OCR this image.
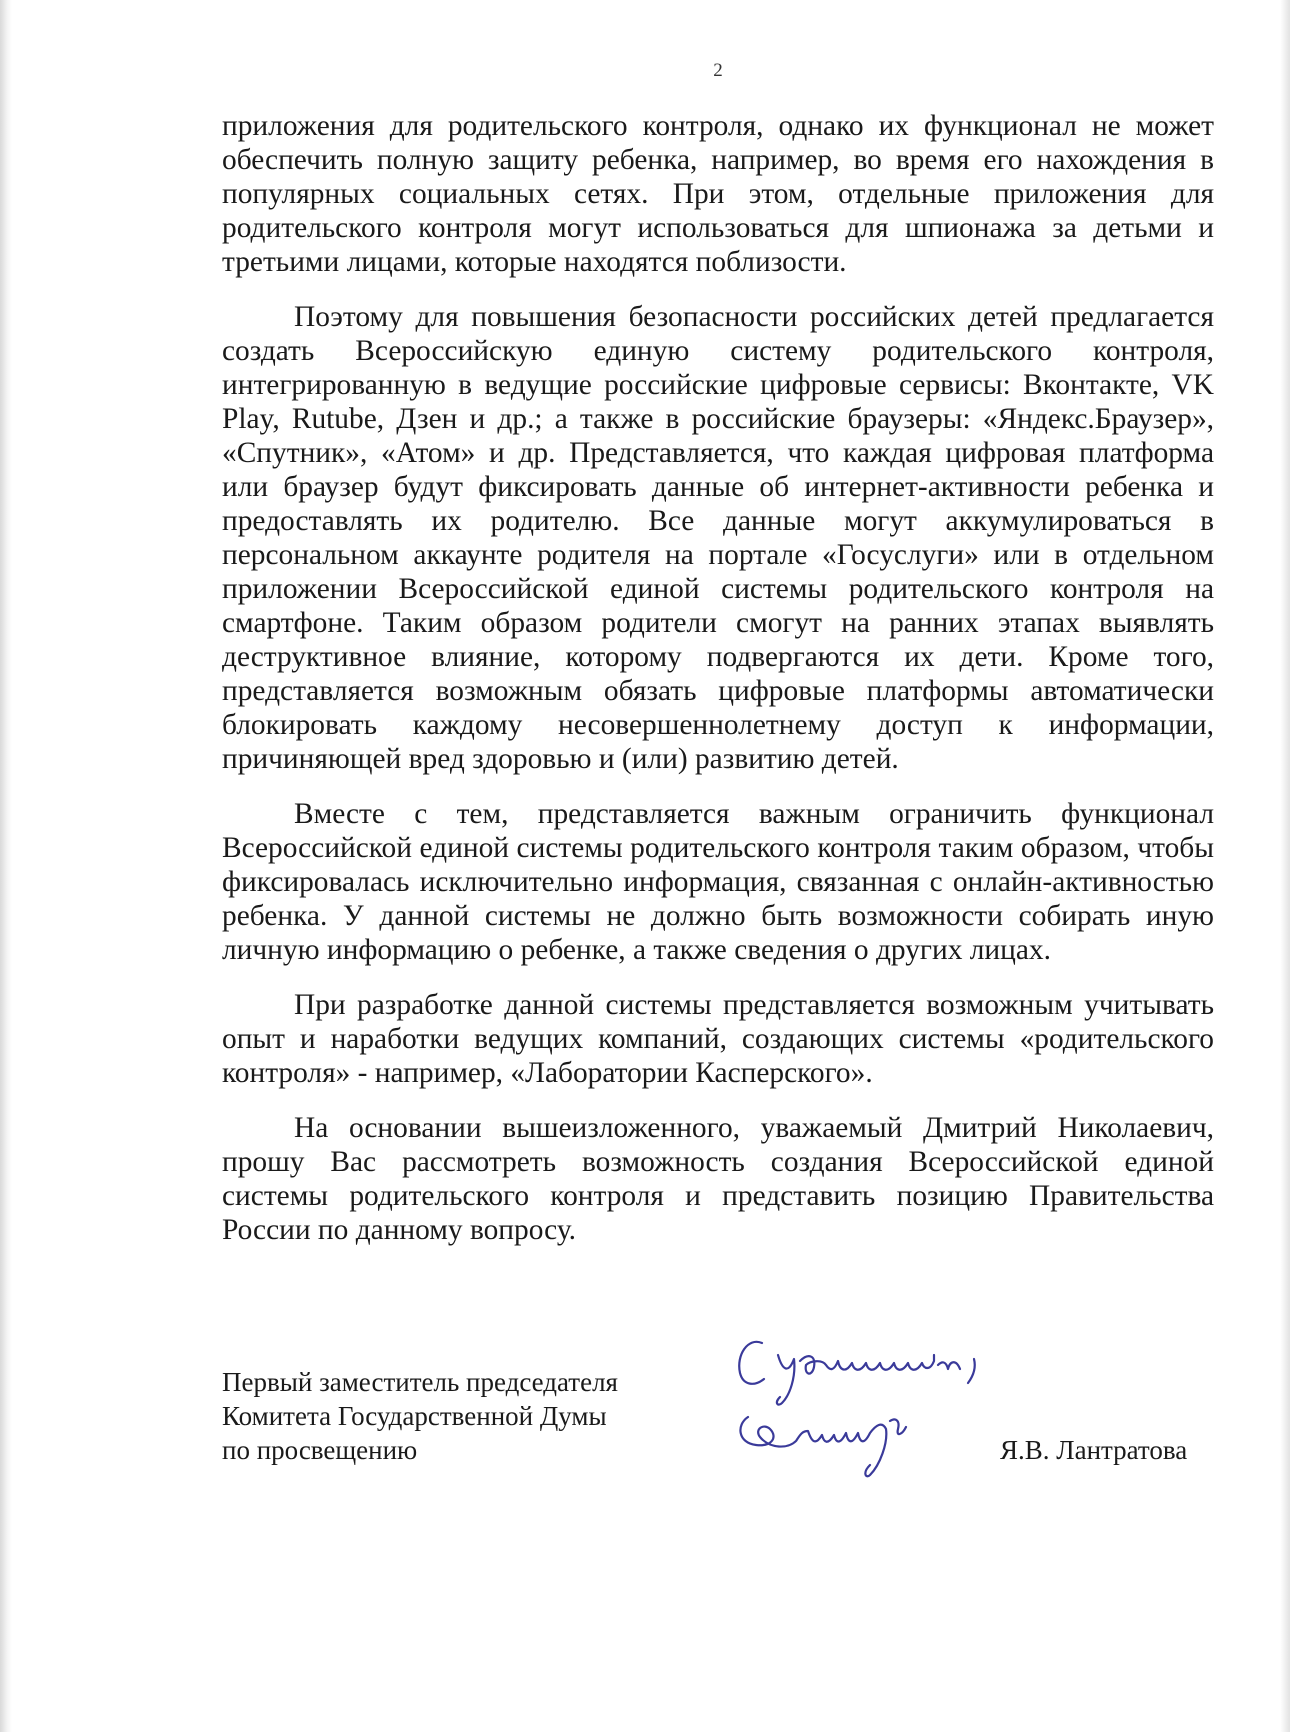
2

приложения для родительского контроля, однако их функционал не может обеспечить полную защиту ребенка, например, во время его нахождения в популярных социальных сетях. При этом, отдельные приложения для родительского контроля могут использоваться для шпионажа за детьми и третьими лицами, которые находятся поблизости.

Поэтому для повышения безопасности российских детей предлагается создать Всероссийскую единую систему родительского контроля, интегрированную в ведущие российские цифровые сервисы: Вконтакте, VK Play, Rutube, Дзен и др.; а также в российские браузеры: «Яндекс.Браузер», «Спутник», «Атом» и др. Представляется, что каждая цифровая платформа или браузер будут фиксировать данные об интернет-активности ребенка и предоставлять их родителю. Все данные могут аккумулироваться в персональном аккаунте родителя на портале «Госуслуги» или в отдельном приложении Всероссийской единой системы родительского контроля на смартфоне. Таким образом родители смогут на ранних этапах выявлять деструктивное влияние, которому подвергаются их дети. Кроме того, представляется возможным обязать цифровые платформы автоматически блокировать каждому несовершеннолетнему доступ к информации, причиняющей вред здоровью и (или) развитию детей.

Вместе с тем, представляется важным ограничить функционал Всероссийской единой системы родительского контроля таким образом, чтобы фиксировалась исключительно информация, связанная с онлайн-активностью ребенка. У данной системы не должно быть возможности собирать иную личную информацию о ребенке, а также сведения о других лицах.

При разработке данной системы представляется возможным учитывать опыт и наработки ведущих компаний, создающих системы «родительского контроля» - например, «Лаборатории Касперского».

На основании вышеизложенного, уважаемый Дмитрий Николаевич, прошу Вас рассмотреть возможность создания Всероссийской единой системы родительского контроля и представить позицию Правительства России по данному вопросу.

Первый заместитель председателя
Комитета Государственной Думы
по просвещению	Я.В. Лантратова
